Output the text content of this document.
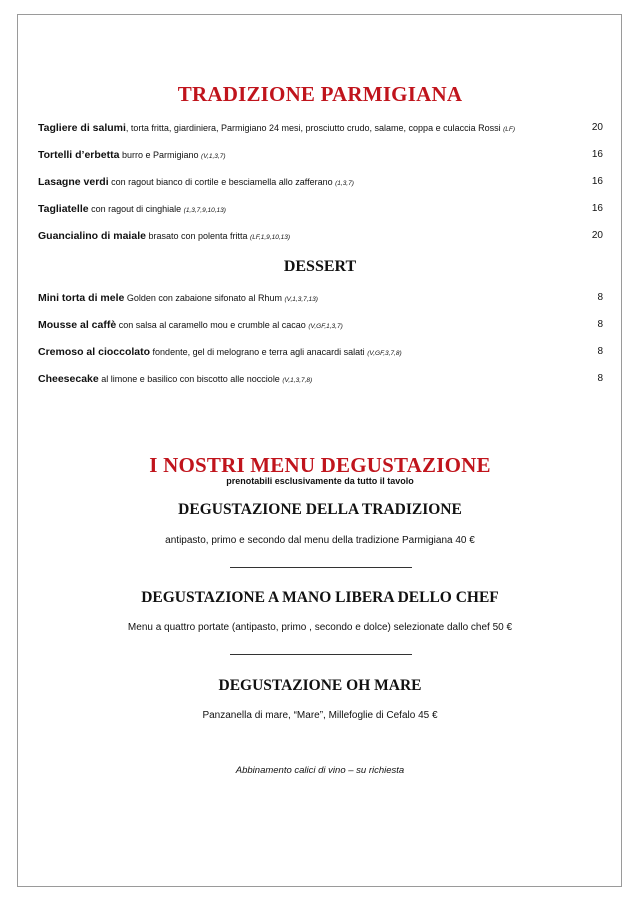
TRADIZIONE PARMIGIANA
Tagliere di salumi, torta fritta, giardiniera, Parmigiano 24 mesi, prosciutto crudo, salame, coppa e culaccia Rossi (LF)	20
Tortelli d’erbetta burro e Parmigiano (V,1,3,7)	16
Lasagne verdi con ragout bianco di cortile e besciamella allo zafferano (1,3,7)	16
Tagliatelle con ragout di cinghiale (1,3,7,9,10,13)	16
Guancialino di maiale brasato con polenta fritta (LF,1,9,10,13)	20
DESSERT
Mini torta di mele Golden con zabaione sifonato al Rhum (V,1,3,7,13)	8
Mousse al caffè con salsa al caramello mou e crumble al cacao (V,GF,1,3,7)	8
Cremoso al cioccolato fondente, gel di melograno e terra agli anacardi salati (V,GF,3,7,8)	8
Cheesecake al limone e basilico con biscotto alle nocciole (V,1,3,7,8)	8
I NOSTRI MENU DEGUSTAZIONE
prenotabili esclusivamente da tutto il tavolo
DEGUSTAZIONE DELLA TRADIZIONE
antipasto, primo e secondo dal menu della tradizione Parmigiana 40 €
DEGUSTAZIONE A MANO LIBERA DELLO CHEF
Menu a quattro portate (antipasto, primo , secondo e dolce) selezionate dallo chef 50 €
DEGUSTAZIONE OH MARE
Panzanella di mare, “Mare”, Millefoglie di Cefalo 45 €
Abbinamento calici di vino – su richiesta
